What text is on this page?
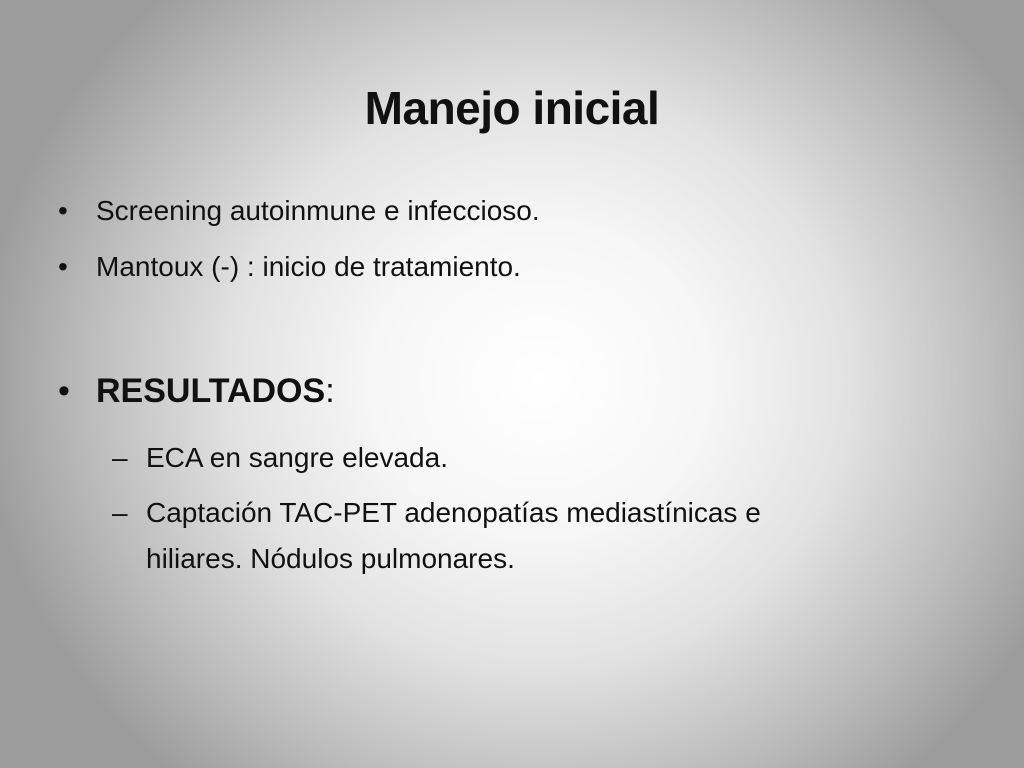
Manejo inicial
•	Screening autoinmune e infeccioso.
•	Mantoux (-) : inicio de tratamiento.
• RESULTADOS:
– ECA en sangre elevada.
– Captación TAC-PET adenopatías mediastínicas e
hiliares. Nódulos pulmonares.
